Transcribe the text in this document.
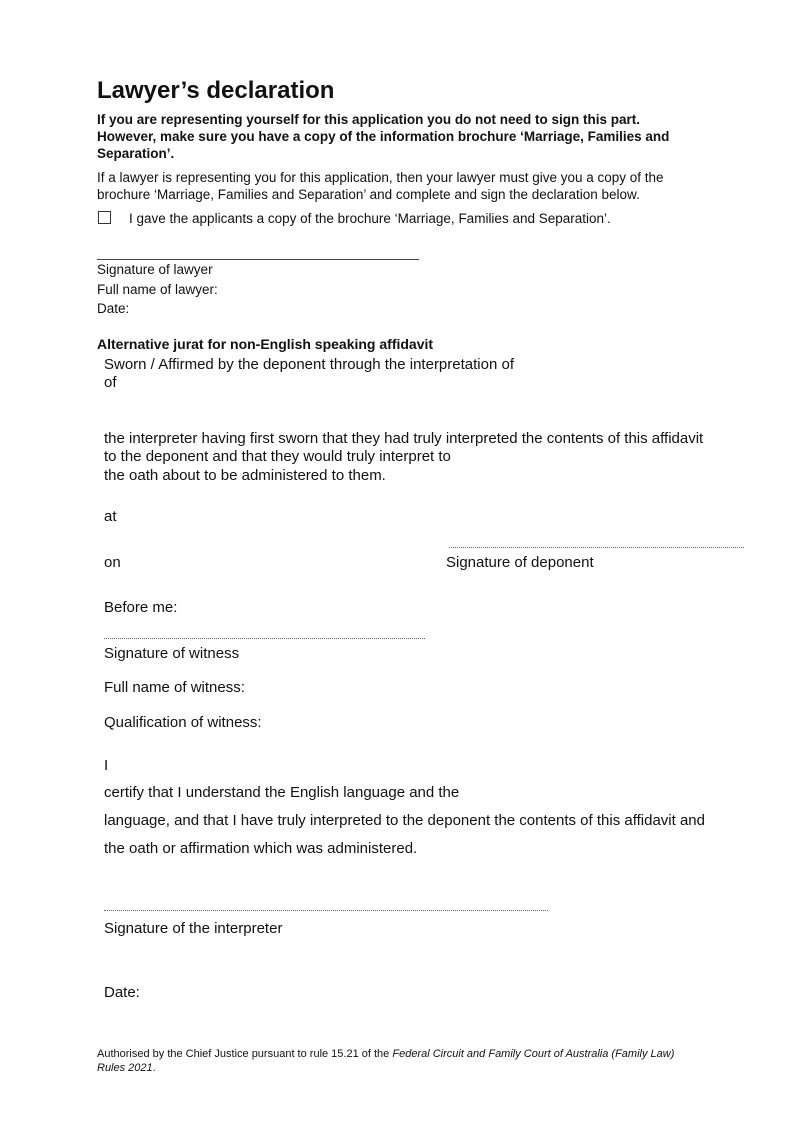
Lawyer’s declaration
If you are representing yourself for this application you do not need to sign this part.
However, make sure you have a copy of the information brochure ‘Marriage, Families and
Separation’.
If a lawyer is representing you for this application, then your lawyer must give you a copy of the
brochure ‘Marriage, Families and Separation’ and complete and sign the declaration below.
I gave the applicants a copy of the brochure ‘Marriage, Families and Separation’.
Signature of lawyer
Full name of lawyer:
Date:
Alternative jurat for non-English speaking affidavit
Sworn / Affirmed by the deponent through the interpretation of
of
the interpreter having first sworn that they had truly interpreted the contents of this affidavit
to the deponent and that they would truly interpret to
the oath about to be administered to them.
at
on	Signature of deponent
Before me:
Signature of witness
Full name of witness:
Qualification of witness:
I
certify that I understand the English language and the
language, and that I have truly interpreted to the deponent the contents of this affidavit and
the oath or affirmation which was administered.
Signature of the interpreter
Date:
Authorised by the Chief Justice pursuant to rule 15.21 of the Federal Circuit and Family Court of Australia (Family Law)
Rules 2021.
